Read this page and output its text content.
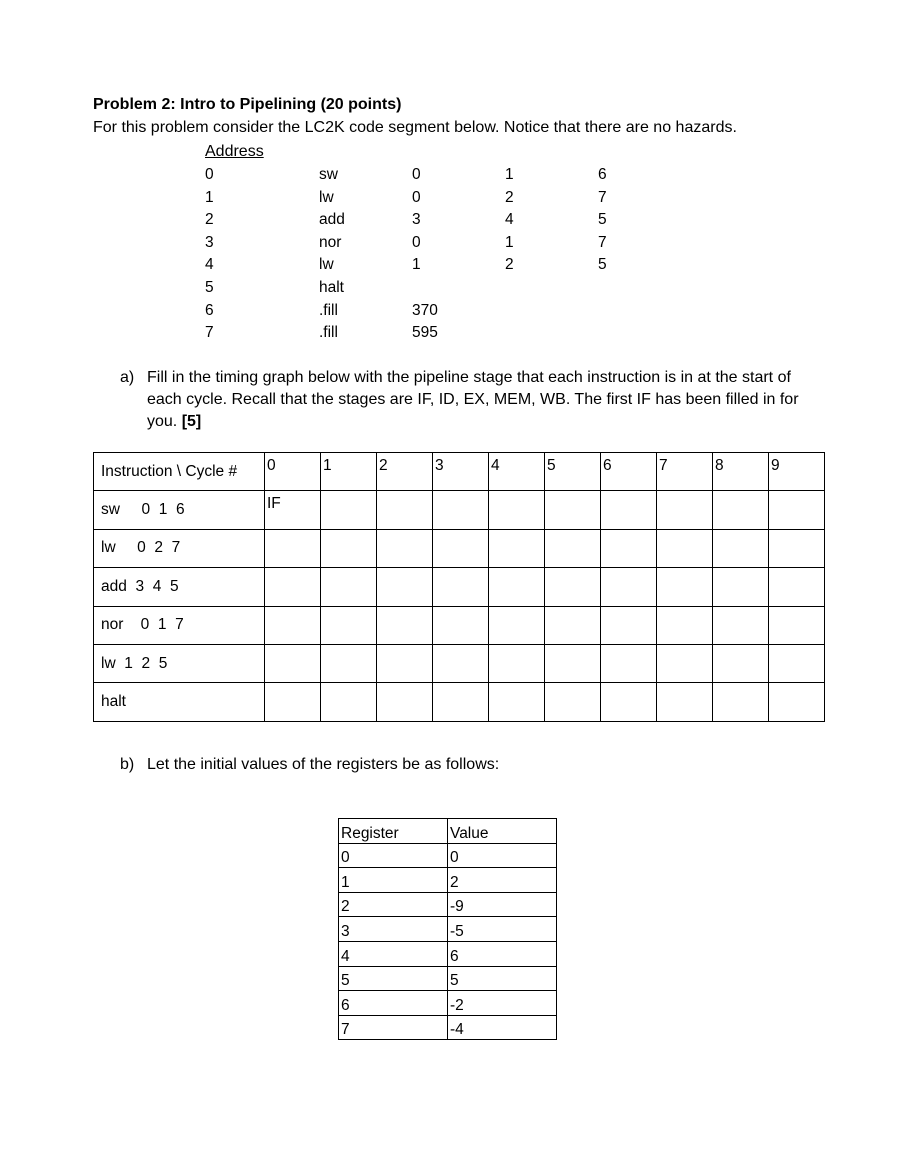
Problem 2: Intro to Pipelining (20 points)
For this problem consider the LC2K code segment below. Notice that there are no hazards.
Address
0	sw	0	1	6
1	lw	0	2	7
2	add	3	4	5
3	nor	0	1	7
4	lw	1	2	5
5	halt
6	.fill	370
7	.fill	595
a) Fill in the timing graph below with the pipeline stage that each instruction is in at the start of each cycle. Recall that the stages are IF, ID, EX, MEM, WB. The first IF has been filled in for you. [5]
Instruction \ Cycle #	0	1	2	3	4	5	6	7	8	9
sw     0  1  6	IF									
lw     0  2  7										
add  3  4  5										
nor    0  1  7										
lw  1  2  5										
halt										
b) Let the initial values of the registers be as follows:
Register	Value
0	0
1	2
2	-9
3	-5
4	6
5	5
6	-2
7	-4
